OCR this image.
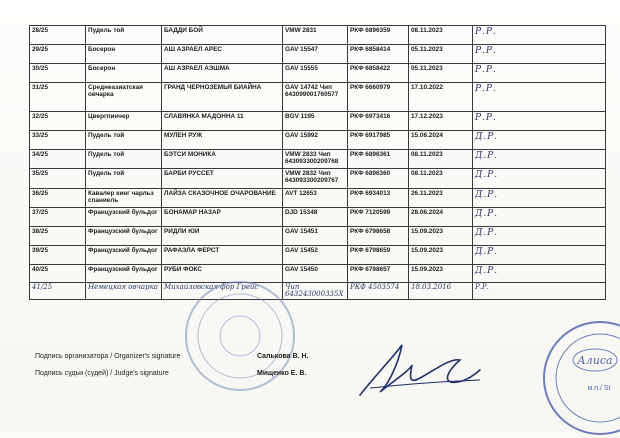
28/25	Пудель той	БАДДИ БОЙ	VMW 2831	РКФ 6896359	08.11.2023	Р.Р.
29/25	Босерон	АШ АЗРАЕЛ АРЕС	GAV 15547	РКФ 6858414	05.11.2023	Р.Р.
30/25	Босерон	АШ АЗРАЕЛ АЭШМА	GAV 15555	РКФ 6858422	05.11.2023	Р.Р.
31/25	Среднеазиатская овчарка	ГРАНД ЧЕРНОЗЕМЬЯ БИАЙНА	GAV 14742 Чип 643099001760577	РКФ 6660979	17.10.2022	Р.Р.
32/25	Цвергпинчер	СЛАВЯНКА МАДОННА 11	BGV 1195	РКФ 6973416	17.12.2023	Р.Р.
33/25	Пудель той	МУЛЕН РУЖ	GAV 15992	РКФ 6917985	15.06.2024	Д.Р.
34/25	Пудель той	БЭТСИ МОНИКА	VMW 2833 Чип 643093300209768	РКФ 6896361	08.11.2023	Д.Р.
35/25	Пудель той	БАРБИ РУССЕТ	VMW 2832 Чип 643093300209767	РКФ 6896360	08.11.2023	Д.Р.
36/25	Кавалер кинг чарльз спаниель	ЛАЙЗА СКАЗОЧНОЕ ОЧАРОВАНИЕ	AVT 12653	РКФ 6934013	26.11.2023	Д.Р.
37/25	Французский бульдог	БОНАМАР НАЗАР	DJD 15348	РКФ 7120599	28.06.2024	Д.Р.
38/25	Французский бульдог	РИДЛИ ЮИ	GAV 15451	РКФ 6798658	15.09.2023	Д.Р.
39/25	Французский бульдог	РАФАЭЛА ФЕРСТ	GAV 15452	РКФ 6798659	15.09.2023	Д.Р.
40/25	Французский бульдог	РУБИ ФОКС	GAV 15450	РКФ 6798657	15.09.2023	Д.Р.
41/25	Немецкая овчарка	Михайловская фор Грейс	Чип 643243000335Х	РКФ 4503574	18.03.2016	Р.Р.
Алиса
м.п./ St
Подпись организатора / Organizer's signature	Салькова В. Н.
Подпись судьи (судей) / Judge's signature	Мищенко Е. В.
